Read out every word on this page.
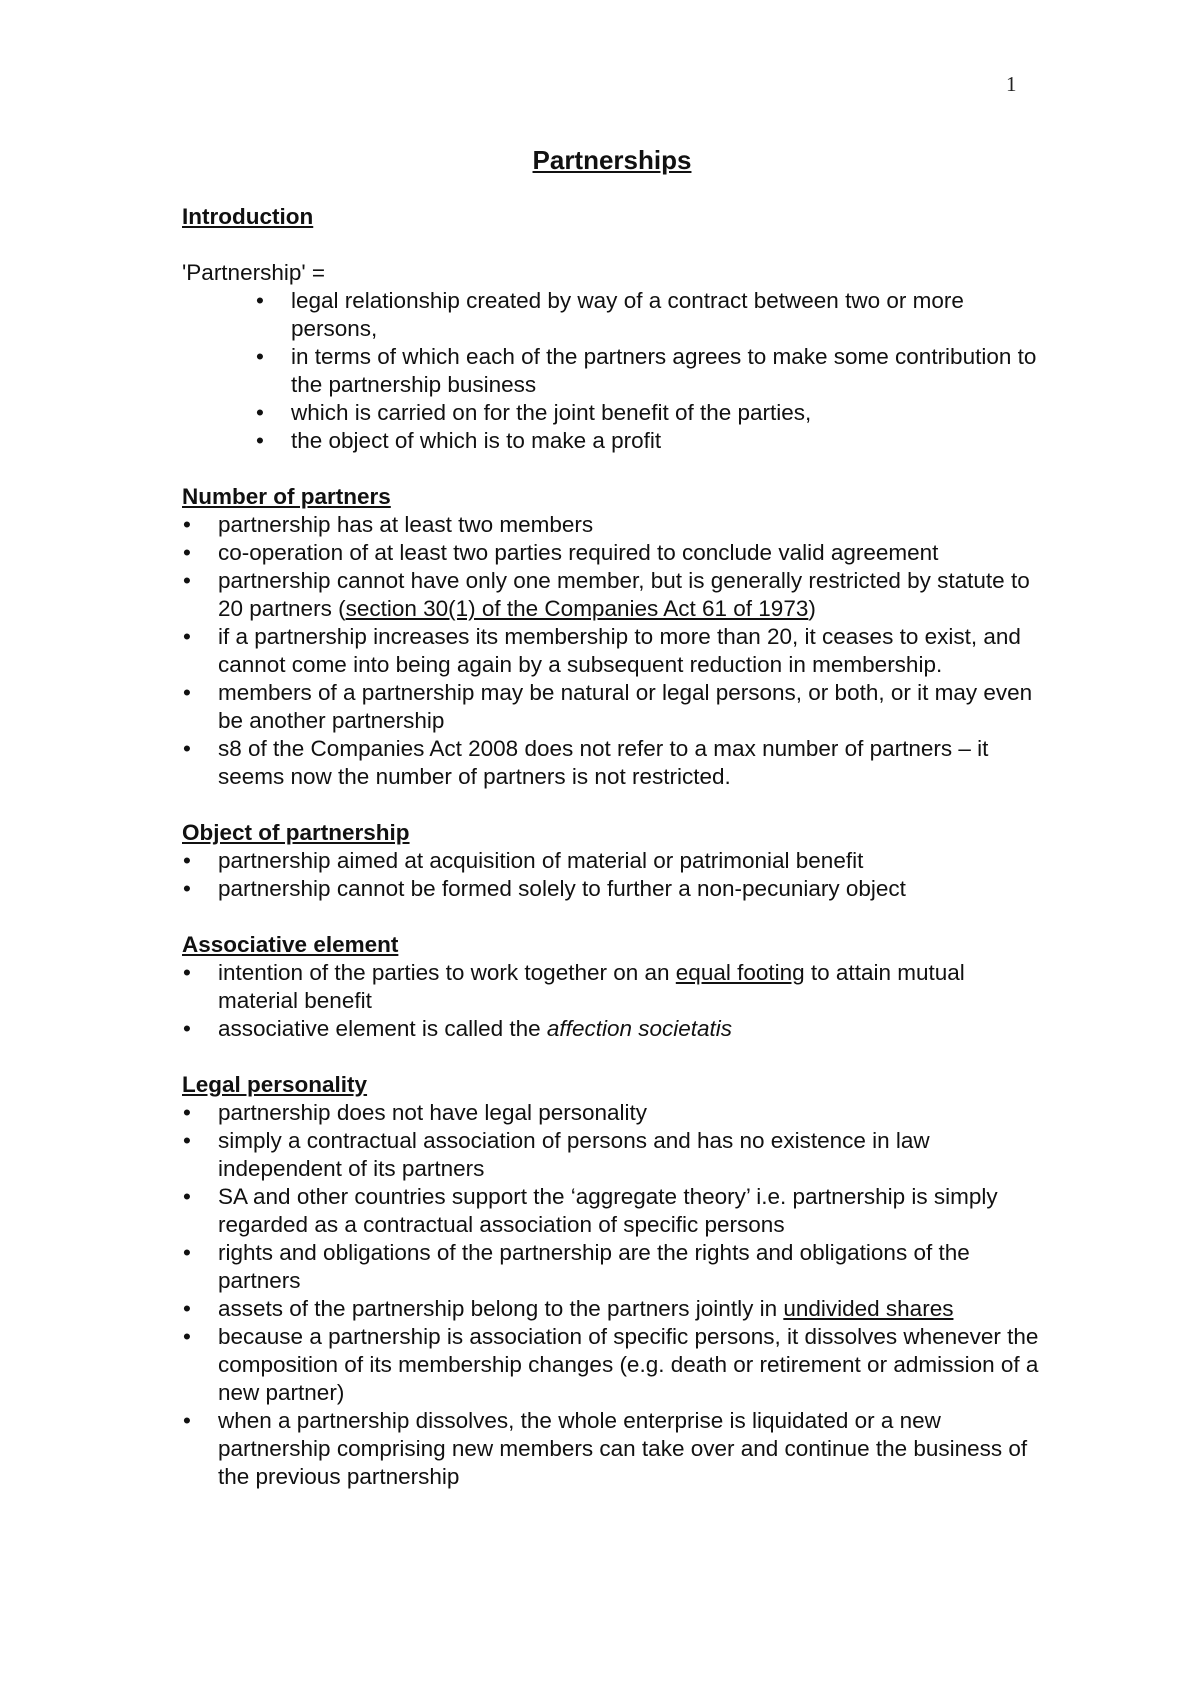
1
Partnerships

Introduction

'Partnership' =

• legal relationship created by way of a contract between two or more persons,
• in terms of which each of the partners agrees to make some contribution to the partnership business
• which is carried on for the joint benefit of the parties,
• the object of which is to make a profit

Number of partners

• partnership has at least two members
• co-operation of at least two parties required to conclude valid agreement
• partnership cannot have only one member, but is generally restricted by statute to 20 partners (section 30(1) of the Companies Act 61 of 1973)
• if a partnership increases its membership to more than 20, it ceases to exist, and cannot come into being again by a subsequent reduction in membership.
• members of a partnership may be natural or legal persons, or both, or it may even be another partnership
• s8 of the Companies Act 2008 does not refer to a max number of partners – it seems now the number of partners is not restricted.

Object of partnership

• partnership aimed at acquisition of material or patrimonial benefit
• partnership cannot be formed solely to further a non-pecuniary object

Associative element

• intention of the parties to work together on an equal footing to attain mutual material benefit
• associative element is called the affection societatis

Legal personality

• partnership does not have legal personality
• simply a contractual association of persons and has no existence in law independent of its partners
• SA and other countries support the ‘aggregate theory’ i.e. partnership is simply regarded as a contractual association of specific persons
• rights and obligations of the partnership are the rights and obligations of the partners
• assets of the partnership belong to the partners jointly in undivided shares
• because a partnership is association of specific persons, it dissolves whenever the composition of its membership changes (e.g. death or retirement or admission of a new partner)
• when a partnership dissolves, the whole enterprise is liquidated or a new partnership comprising new members can take over and continue the business of the previous partnership
